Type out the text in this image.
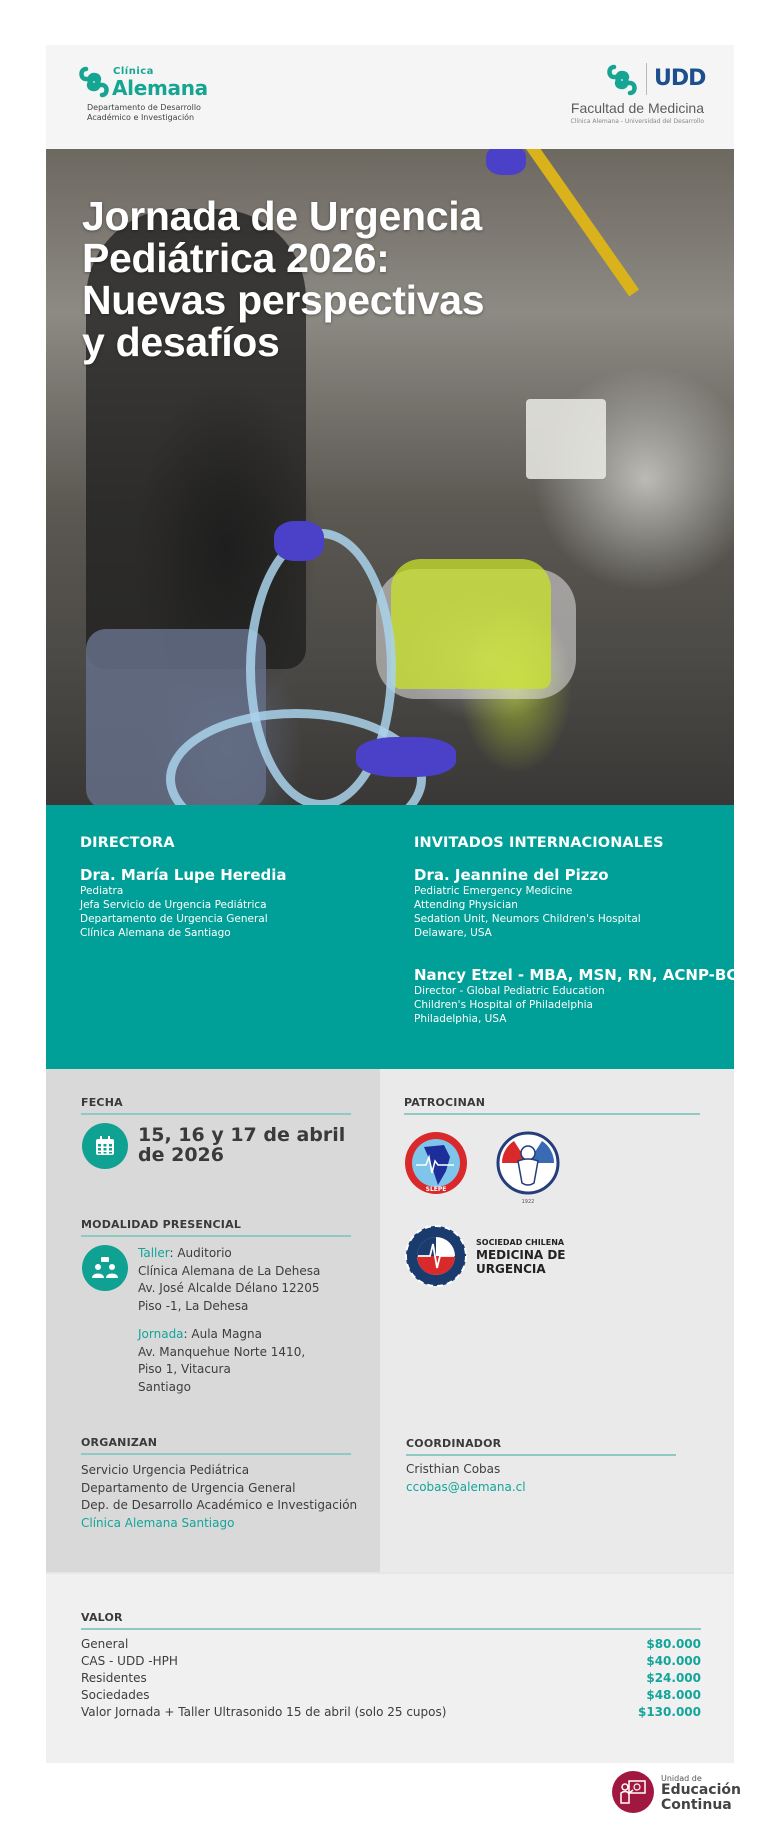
Clínica
Alemana
Departamento de Desarrollo
Académico e Investigación
UDD
Facultad de Medicina
Clínica Alemana - Universidad del Desarrollo
Jornada de Urgencia
Pediátrica 2026:
Nuevas perspectivas
y desafíos
DIRECTORA
Dra. María Lupe Heredia
Pediatra
Jefa Servicio de Urgencia Pediátrica
Departamento de Urgencia General
Clínica Alemana de Santiago
INVITADOS INTERNACIONALES
Dra. Jeannine del Pizzo
Pediatric Emergency Medicine
Attending Physician
Sedation Unit, Neumors Children's Hospital
Delaware, USA
Nancy Etzel - MBA, MSN, RN, ACNP-BC
Director - Global Pediatric Education
Children's Hospital of Philadelphia
Philadelphia, USA
FECHA
15, 16 y 17 de abril
de 2026
MODALIDAD PRESENCIAL
Taller: Auditorio
Clínica Alemana de La Dehesa
Av. José Alcalde Délano 12205
Piso -1, La Dehesa
Jornada: Aula Magna
Av. Manquehue Norte 1410,
Piso 1, Vitacura
Santiago
ORGANIZAN
Servicio Urgencia Pediátrica
Departamento de Urgencia General
Dep. de Desarrollo Académico e Investigación
Clínica Alemana Santiago
PATROCINAN
SLEPE
1922
SOCIEDAD CHILENA
MEDICINA DE
URGENCIA
COORDINADOR
Cristhian Cobas
ccobas@alemana.cl
VALOR
General	$80.000
CAS - UDD -HPH	$40.000
Residentes	$24.000
Sociedades	$48.000
Valor Jornada + Taller Ultrasonido 15 de abril (solo 25 cupos)	$130.000
Unidad de
Educación
Continua
